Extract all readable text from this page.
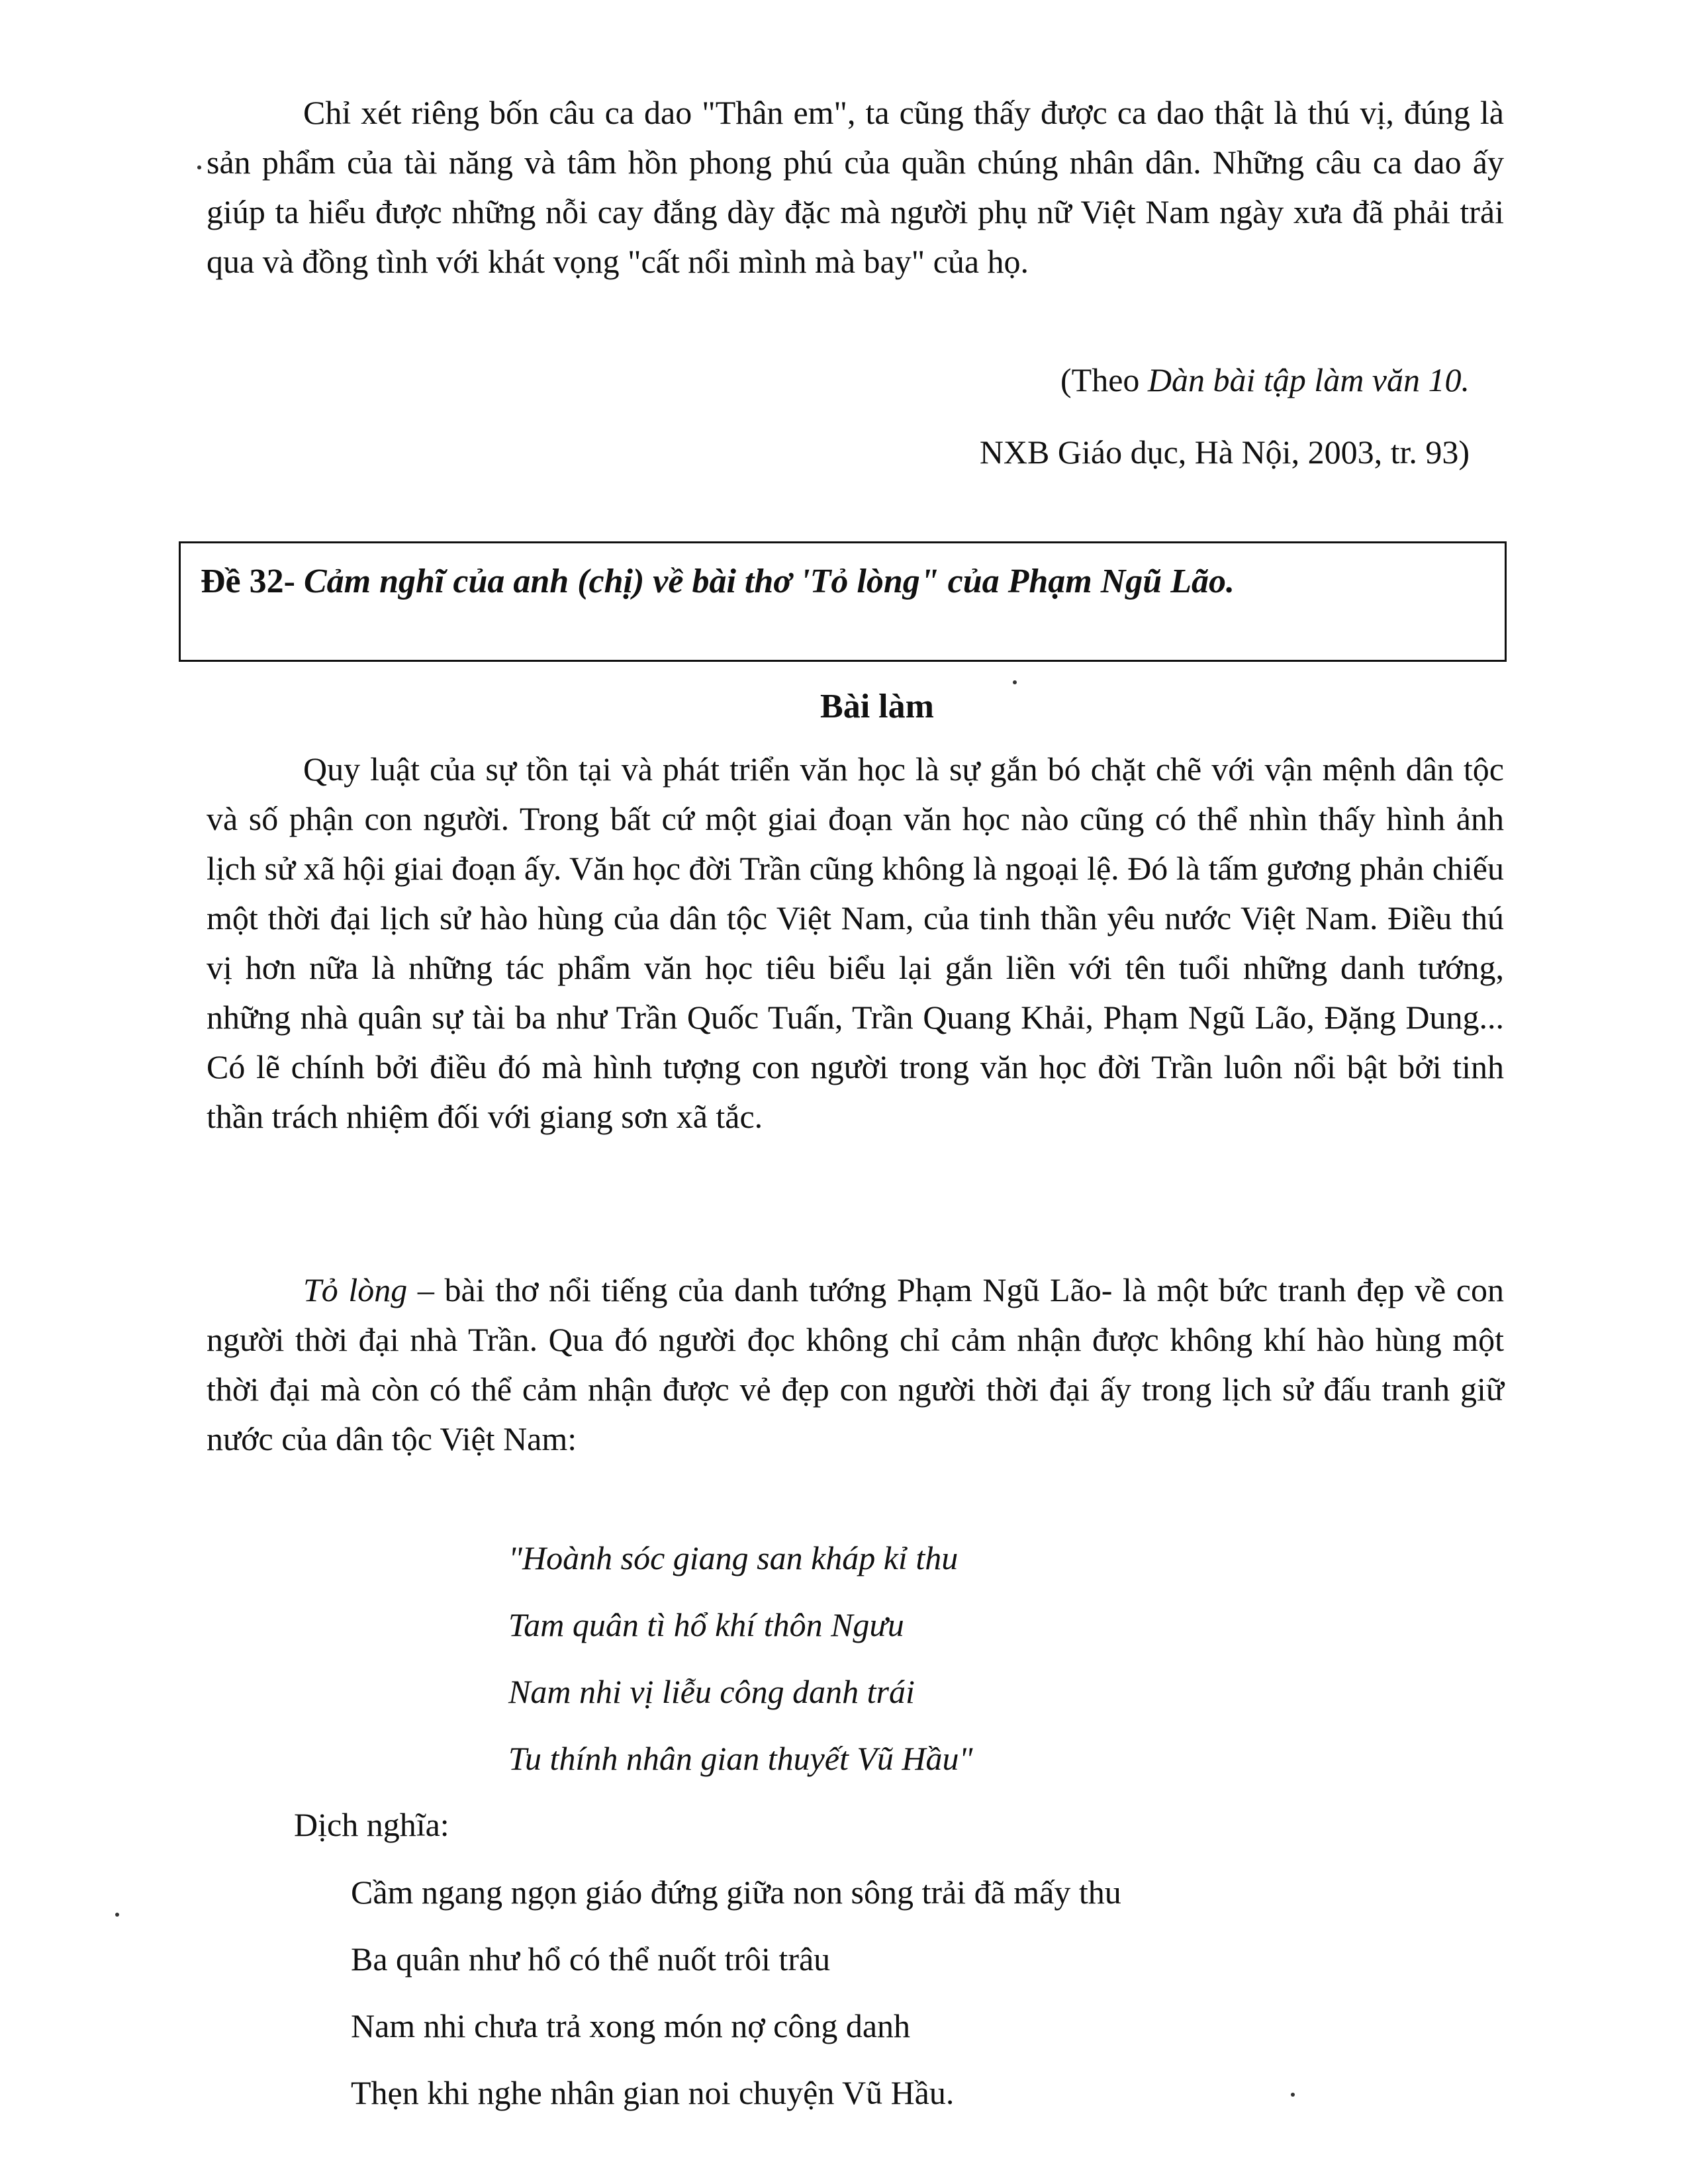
Chỉ xét riêng bốn câu ca dao "Thân em", ta cũng thấy được ca dao thật là thú vị, đúng là sản phẩm của tài năng và tâm hồn phong phú của quần chúng nhân dân. Những câu ca dao ấy giúp ta hiểu được những nỗi cay đắng dày đặc mà người phụ nữ Việt Nam ngày xưa đã phải trải qua và đồng tình với khát vọng "cất nổi mình mà bay" của họ.

(Theo Dàn bài tập làm văn 10.

NXB Giáo dục, Hà Nội, 2003, tr. 93)

Đề 32- Cảm nghĩ của anh (chị) về bài thơ 'Tỏ lòng" của Phạm Ngũ Lão.
Bài làm

Quy luật của sự tồn tại và phát triển văn học là sự gắn bó chặt chẽ với vận mệnh dân tộc và số phận con người. Trong bất cứ một giai đoạn văn học nào cũng có thể nhìn thấy hình ảnh lịch sử xã hội giai đoạn ấy. Văn học đời Trần cũng không là ngoại lệ. Đó là tấm gương phản chiếu một thời đại lịch sử hào hùng của dân tộc Việt Nam, của tinh thần yêu nước Việt Nam. Điều thú vị hơn nữa là những tác phẩm văn học tiêu biểu lại gắn liền với tên tuổi những danh tướng, những nhà quân sự tài ba như Trần Quốc Tuấn, Trần Quang Khải, Phạm Ngũ Lão, Đặng Dung... Có lẽ chính bởi điều đó mà hình tượng con người trong văn học đời Trần luôn nổi bật bởi tinh thần trách nhiệm đối với giang sơn xã tắc.

Tỏ lòng – bài thơ nổi tiếng của danh tướng Phạm Ngũ Lão- là một bức tranh đẹp về con người thời đại nhà Trần. Qua đó người đọc không chỉ cảm nhận được không khí hào hùng một thời đại mà còn có thể cảm nhận được vẻ đẹp con người thời đại ấy trong lịch sử đấu tranh giữ nước của dân tộc Việt Nam:

"Hoành sóc giang san kháp kỉ thu
Tam quân tì hổ khí thôn Ngưu
Nam nhi vị liễu công danh trái
Tu thính nhân gian thuyết Vũ Hầu"

Dịch nghĩa:

Cầm ngang ngọn giáo đứng giữa non sông trải đã mấy thu
Ba quân như hổ có thể nuốt trôi trâu
Nam nhi chưa trả xong món nợ công danh
Thẹn khi nghe nhân gian noi chuyện Vũ Hầu.
